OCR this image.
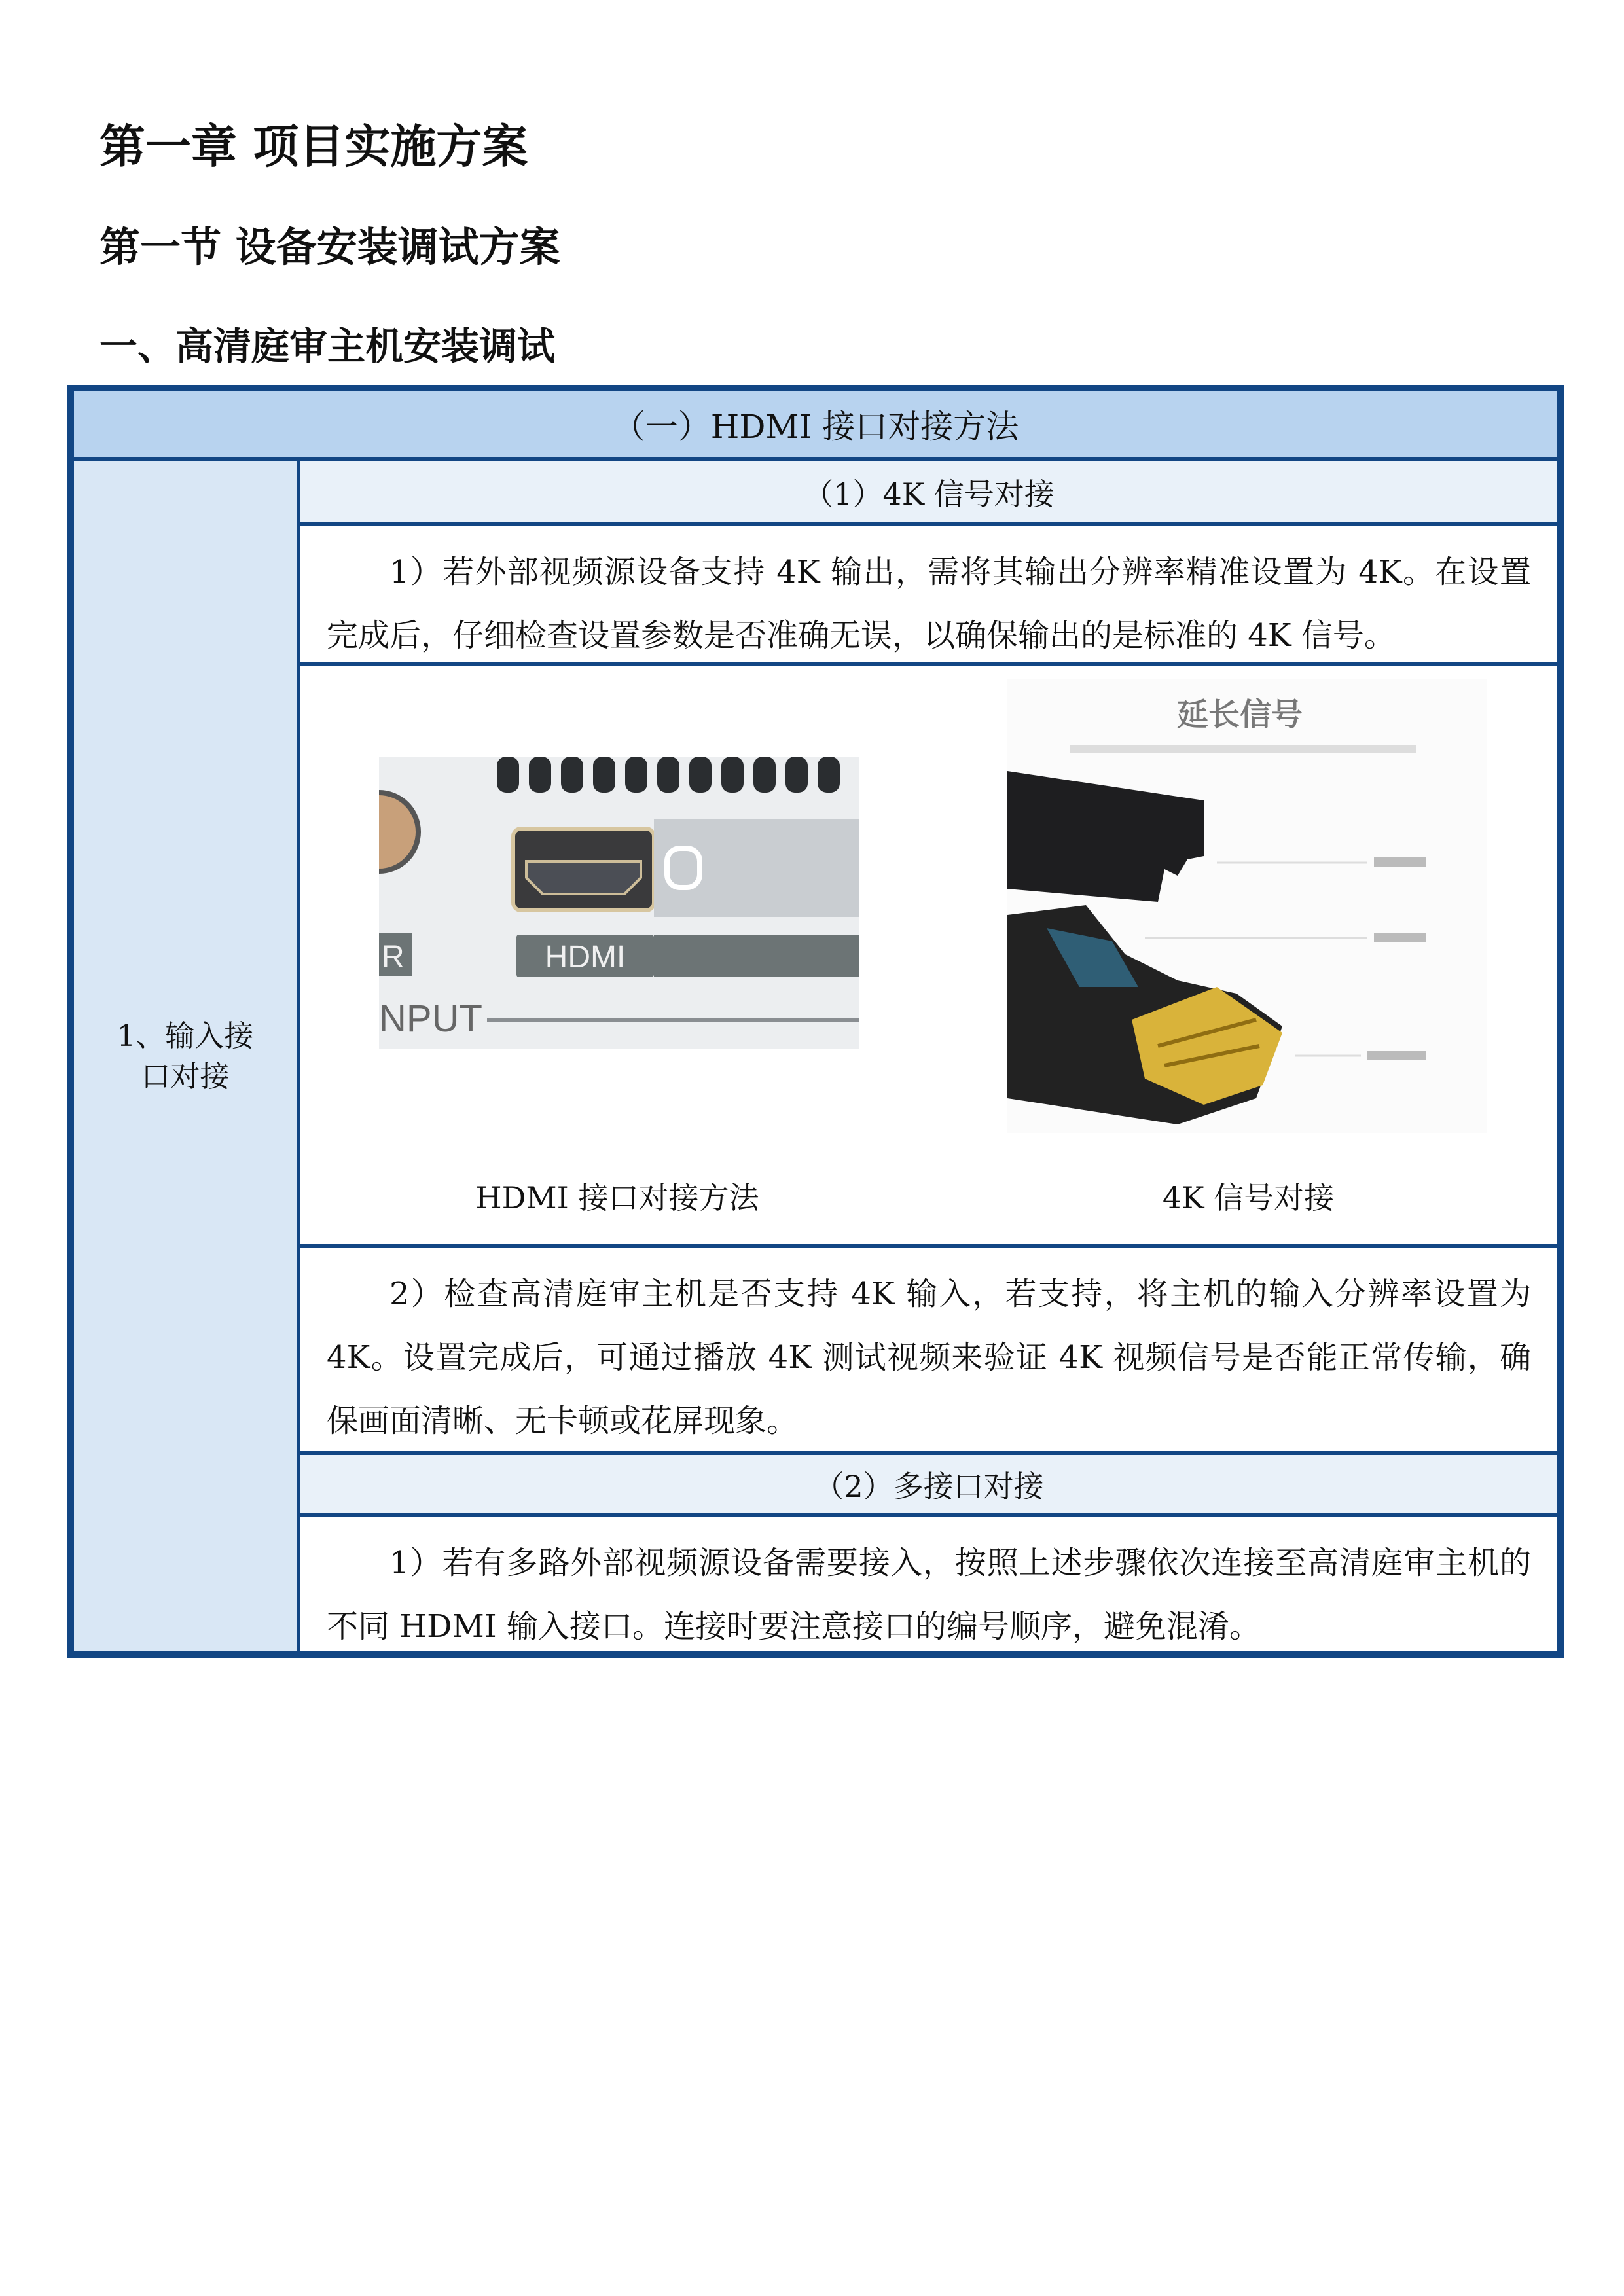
第一章 项目实施方案
第一节 设备安装调试方案
一、高清庭审主机安装调试
（一）HDMI 接口对接方法
1、输入接口对接
（1）4K 信号对接
1）若外部视频源设备支持 4K 输出，需将其输出分辨率精准设置为 4K。在设置完成后，仔细检查设置参数是否准确无误，以确保输出的是标准的 4K 信号。
HDMI
R
NPUT
延长信号
HDMI 接口对接方法	4K 信号对接
2）检查高清庭审主机是否支持 4K 输入，若支持，将主机的输入分辨率设置为 4K。设置完成后，可通过播放 4K 测试视频来验证 4K 视频信号是否能正常传输，确保画面清晰、无卡顿或花屏现象。
（2）多接口对接
1）若有多路外部视频源设备需要接入，按照上述步骤依次连接至高清庭审主机的不同 HDMI 输入接口。连接时要注意接口的编号顺序，避免混淆。
